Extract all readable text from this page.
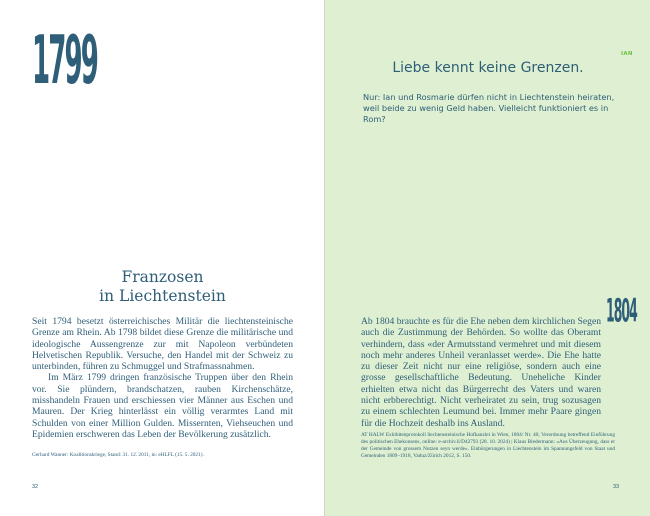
1799
Franzosen
in Liechtenstein

Seit 1794 besetzt österreichisches Militär die liechtensteinische Grenze am Rhein. Ab 1798 bildet diese Grenze die militärische und ideologische Aussengrenze zur mit Napoleon verbündeten Helvetischen Republik. Versuche, den Handel mit der Schweiz zu unterbinden, führen zu Schmuggel und Strafmassnahmen.

Im März 1799 dringen französische Truppen über den Rhein vor. Sie plündern, brandschatzen, rauben Kirchenschätze, misshandeln Frauen und erschiessen vier Männer aus Eschen und Mauren. Der Krieg hinterlässt ein völlig verarmtes Land mit Schulden von einer Million Gulden. Missernten, Viehseuchen und Epidemien erschweren das Leben der Bevölkerung zusätzlich.

Gerhard Wanner: Koalitionskriege, Stand: 31. 12. 2011, in: eHLFL (15. 5. 2021).

32
IAN
Liebe kennt keine Grenzen.

Nur: Ian und Rosmarie dürfen nicht in Liechtenstein heiraten, weil beide zu wenig Geld haben. Vielleicht funktioniert es in Rom?

1804

Ab 1804 brauchte es für die Ehe neben dem kirchlichen Segen auch die Zustimmung der Behörden. So wollte das Oberamt verhindern, dass «der Armutsstand vermehret und mit diesem noch mehr anderes Unheil veranlasset werde». Die Ehe hatte zu dieser Zeit nicht nur eine religiöse, sondern auch eine grosse gesellschaftliche Bedeutung. Uneheliche Kinder erhielten etwa nicht das Bürgerrecht des Vaters und waren nicht erbberechtigt. Nicht verheiratet zu sein, trug sozusagen zu einem schlechten Leumund bei. Immer mehr Paare gingen für die Hochzeit deshalb ins Ausland.

AT HALW Exhibitenprotokoll liechtensteinische Hofkanzlei in Wien, 1804/ Nr. 40; Verordnung betreffend Einführung des politischen Ehekonsens, online: e-archiv.li/D42793 (28. 10. 2024) | Klaus Biedermann: «Aus Überzeugung, dass er der Gemeinde von grossem Nutzen seyn werde». Einbürgerungen in Liechtenstein im Spannungsfeld von Staat und Gemeinden 1809–1918, Vaduz/Zürich 2012, S. 150.

33
